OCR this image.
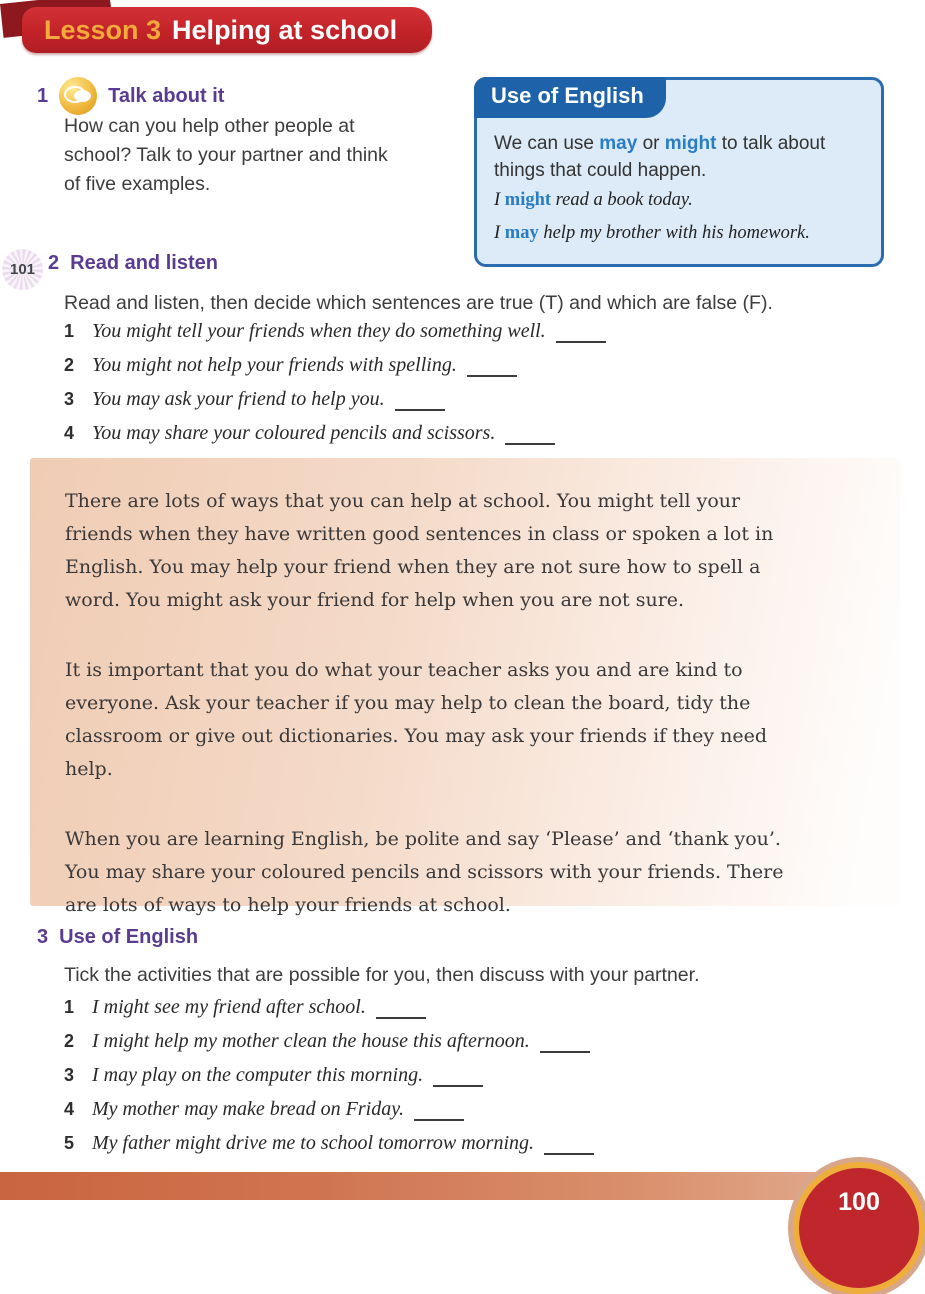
Lesson 3 Helping at school
1	Talk about it
How can you help other people at school? Talk to your partner and think of five examples.
Use of English
We can use may or might to talk about things that could happen.
I might read a book today.
I may help my brother with his homework.
101 2 Read and listen
Read and listen, then decide which sentences are true (T) and which are false (F).
1 You might tell your friends when they do something well.
2 You might not help your friends with spelling.
3 You may ask your friend to help you.
4 You may share your coloured pencils and scissors.

There are lots of ways that you can help at school. You might tell your friends when they have written good sentences in class or spoken a lot in English. You may help your friend when they are not sure how to spell a word. You might ask your friend for help when you are not sure.

It is important that you do what your teacher asks you and are kind to everyone. Ask your teacher if you may help to clean the board, tidy the classroom or give out dictionaries. You may ask your friends if they need help.

When you are learning English, be polite and say ‘Please’ and ‘thank you’. You may share your coloured pencils and scissors with your friends. There are lots of ways to help your friends at school.

3 Use of English
Tick the activities that are possible for you, then discuss with your partner.
1 I might see my friend after school.
2 I might help my mother clean the house this afternoon.
3 I may play on the computer this morning.
4 My mother may make bread on Friday.
5 My father might drive me to school tomorrow morning.
100
